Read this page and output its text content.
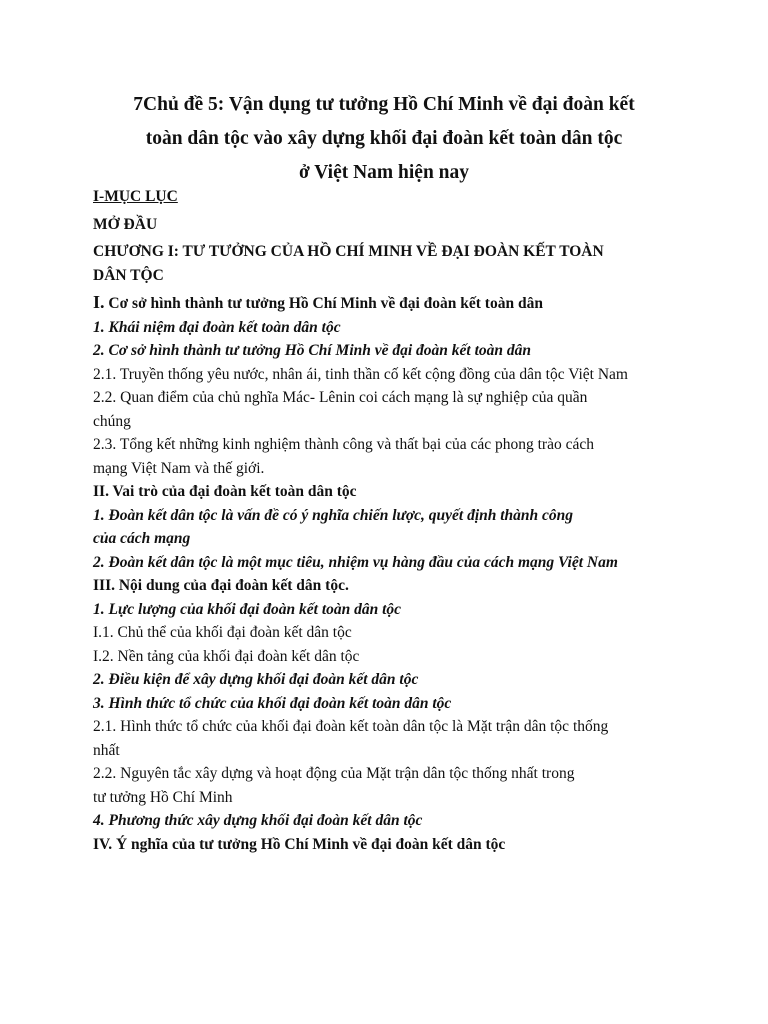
7Chủ đề 5: Vận dụng tư tưởng Hồ Chí Minh về đại đoàn kết
toàn dân tộc vào xây dựng khối đại đoàn kết toàn dân tộc
ở Việt Nam hiện nay
I-MỤC LỤC
MỞ ĐẦU
CHƯƠNG I: TƯ TƯỞNG CỦA HỒ CHÍ MINH VỀ ĐẠI ĐOÀN KẾT TOÀN
DÂN TỘC
I. Cơ sở hình thành tư tưởng Hồ Chí Minh về đại đoàn kết toàn dân
1. Khái niệm đại đoàn kết toàn dân tộc
2. Cơ sở hình thành tư tưởng Hồ Chí Minh về đại đoàn kết toàn dân
2.1. Truyền thống yêu nước, nhân ái, tinh thần cố kết cộng đồng của dân tộc Việt Nam
2.2. Quan điểm của chủ nghĩa Mác- Lênin coi cách mạng là sự nghiệp của quần
chúng
2.3. Tổng kết những kinh nghiệm thành công và thất bại của các phong trào cách
mạng Việt Nam và thế giới.
II. Vai trò của đại đoàn kết toàn dân tộc
1. Đoàn kết dân tộc là vấn đề có ý nghĩa chiến lược, quyết định thành công
của cách mạng
2. Đoàn kết dân tộc là một mục tiêu, nhiệm vụ hàng đầu của cách mạng Việt Nam
III. Nội dung của đại đoàn kết dân tộc.
1. Lực lượng của khối đại đoàn kết toàn dân tộc
I.1. Chủ thể của khối đại đoàn kết dân tộc
I.2. Nền tảng của khối đại đoàn kết dân tộc
2. Điều kiện để xây dựng khối đại đoàn kết dân tộc
3. Hình thức tổ chức của khối đại đoàn kết toàn dân tộc
2.1. Hình thức tổ chức của khối đại đoàn kết toàn dân tộc là Mặt trận dân tộc thống
nhất
2.2. Nguyên tắc xây dựng và hoạt động của Mặt trận dân tộc thống nhất trong
tư tưởng Hồ Chí Minh
4. Phương thức xây dựng khối đại đoàn kết dân tộc
IV. Ý nghĩa của tư tưởng Hồ Chí Minh về đại đoàn kết dân tộc
